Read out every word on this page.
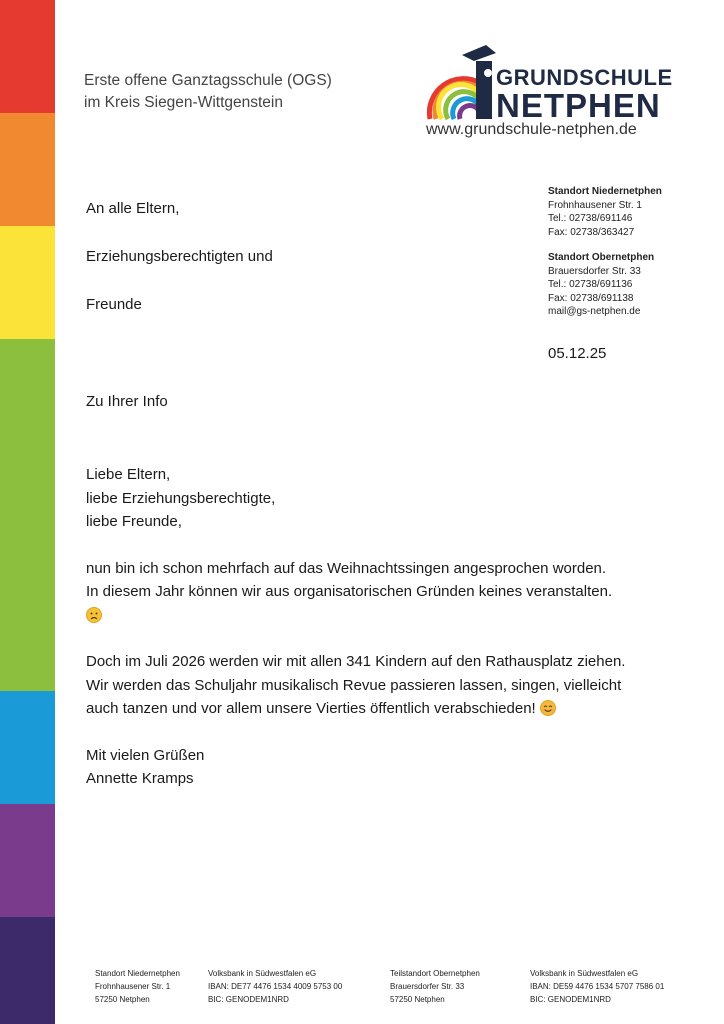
Erste offene Ganztagsschule (OGS)
im Kreis Siegen-Wittgenstein
GRUNDSCHULE
NETPHEN
www.grundschule-netphen.de
An alle Eltern,
Erziehungsberechtigten und
Freunde
Standort Niedernetphen
Frohnhausener Str. 1
Tel.: 02738/691146
Fax: 02738/363427
Standort Obernetphen
Brauersdorfer Str. 33
Tel.: 02738/691136
Fax: 02738/691138
mail@gs-netphen.de
05.12.25
Zu Ihrer Info

Liebe Eltern,

liebe Erziehungsberechtigte,

liebe Freunde,

nun bin ich schon mehrfach auf das Weihnachtssingen angesprochen worden.

In diesem Jahr können wir aus organisatorischen Gründen keines veranstalten.

Doch im Juli 2026 werden wir mit allen 341 Kindern auf den Rathausplatz ziehen.

Wir werden das Schuljahr musikalisch Revue passieren lassen, singen, vielleicht

auch tanzen und vor allem unsere Vierties öffentlich verabschieden!

Mit vielen Grüßen

Annette Kramps

Standort Niedernetphen
Frohnhausener Str. 1
57250 Netphen
Volksbank in Südwestfalen eG
IBAN: DE77 4476 1534 4009 5753 00
BIC: GENODEM1NRD
Teilstandort Obernetphen
Brauersdorfer Str. 33
57250 Netphen
Volksbank in Südwestfalen eG
IBAN: DE59 4476 1534 5707 7586 01
BIC: GENODEM1NRD
